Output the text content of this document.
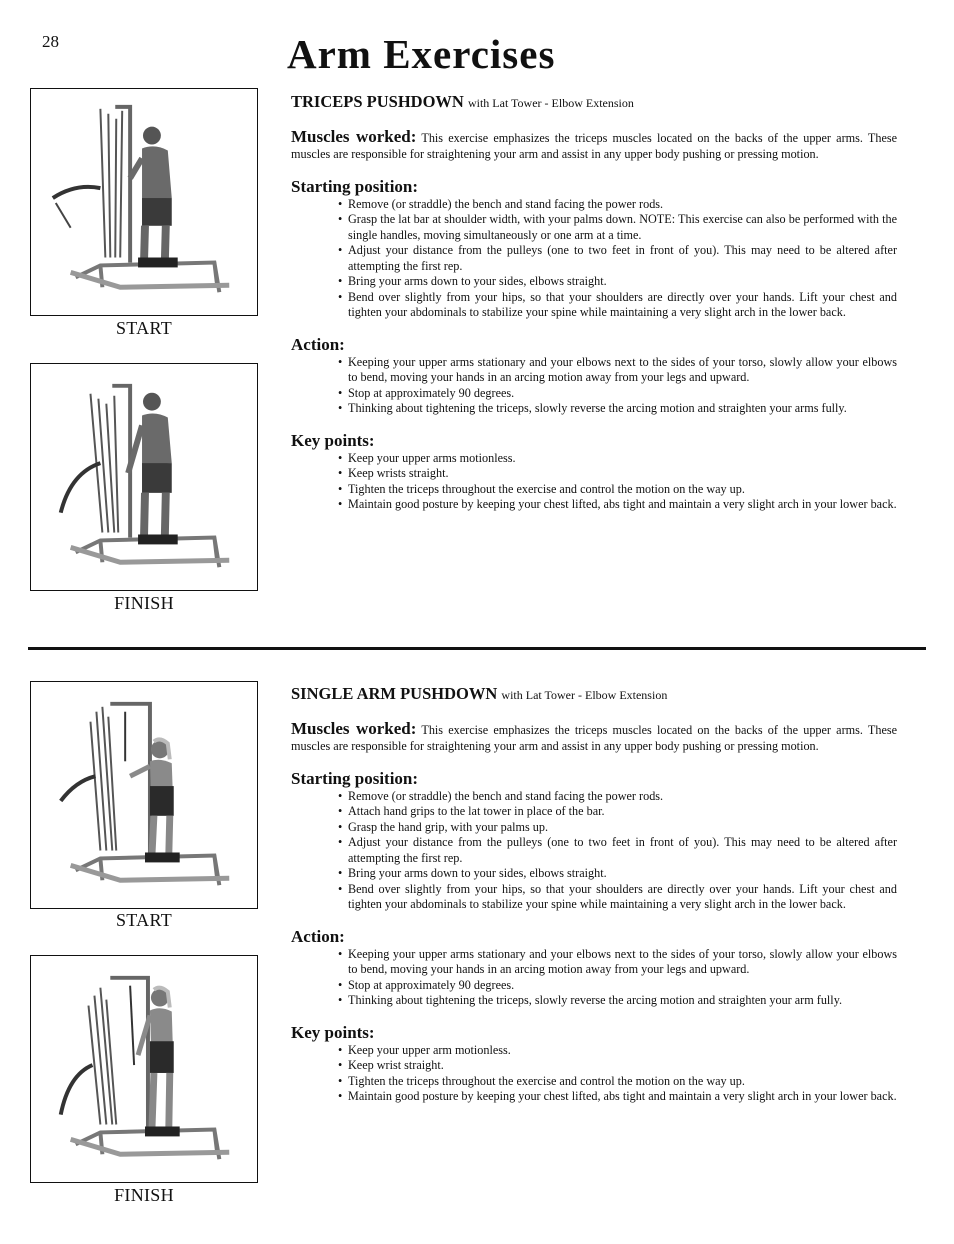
28	Arm Exercises
START
FINISH
TRICEPS PUSHDOWN with Lat Tower - Elbow Extension
Muscles worked: This exercise emphasizes the triceps muscles located on the backs of the upper arms. These muscles are responsible for straightening your arm and assist in any upper body pushing or pressing motion.
Starting position:
• Remove (or straddle) the bench and stand facing the power rods.
• Grasp the lat bar at shoulder width, with your palms down. NOTE: This exercise can also be performed with the single handles, moving simultaneously or one arm at a time.
• Adjust your distance from the pulleys (one to two feet in front of you). This may need to be altered after attempting the first rep.
• Bring your arms down to your sides, elbows straight.
• Bend over slightly from your hips, so that your shoulders are directly over your hands. Lift your chest and tighten your abdominals to stabilize your spine while maintaining a very slight arch in the lower back.
Action:
• Keeping your upper arms stationary and your elbows next to the sides of your torso, slowly allow your elbows to bend, moving your hands in an arcing motion away from your legs and upward.
• Stop at approximately 90 degrees.
• Thinking about tightening the triceps, slowly reverse the arcing motion and straighten your arms fully.
Key points:
• Keep your upper arms motionless.
• Keep wrists straight.
• Tighten the triceps throughout the exercise and control the motion on the way up.
• Maintain good posture by keeping your chest lifted, abs tight and maintain a very slight arch in your lower back.
START
FINISH
SINGLE ARM PUSHDOWN with Lat Tower - Elbow Extension
Muscles worked: This exercise emphasizes the triceps muscles located on the backs of the upper arms. These muscles are responsible for straightening your arm and assist in any upper body pushing or pressing motion.
Starting position:
• Remove (or straddle) the bench and stand facing the power rods.
• Attach hand grips to the lat tower in place of the bar.
• Grasp the hand grip, with your palms up.
• Adjust your distance from the pulleys (one to two feet in front of you). This may need to be altered after attempting the first rep.
• Bring your arms down to your sides, elbows straight.
• Bend over slightly from your hips, so that your shoulders are directly over your hands. Lift your chest and tighten your abdominals to stabilize your spine while maintaining a very slight arch in the lower back.
Action:
• Keeping your upper arms stationary and your elbows next to the sides of your torso, slowly allow your elbows to bend, moving your hands in an arcing motion away from your legs and upward.
• Stop at approximately 90 degrees.
• Thinking about tightening the triceps, slowly reverse the arcing motion and straighten your arm fully.
Key points:
• Keep your upper arm motionless.
• Keep wrist straight.
• Tighten the triceps throughout the exercise and control the motion on the way up.
• Maintain good posture by keeping your chest lifted, abs tight and maintain a very slight arch in your lower back.
